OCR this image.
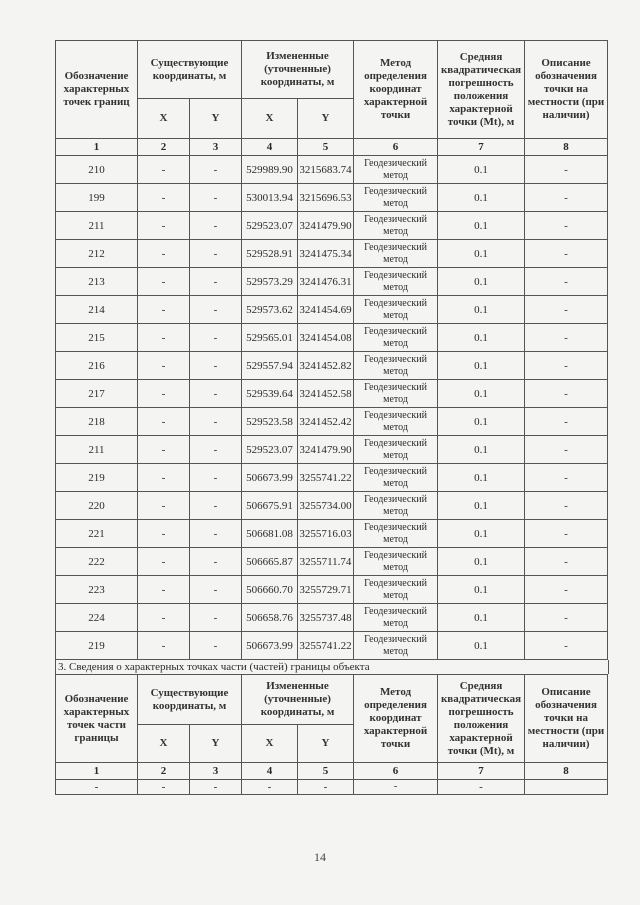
Обозначение характерных точек границ	Существующие координаты, м		Измененные (уточненные) координаты, м		Метод определения координат характерной точки	Средняя квадратическая погрешность положения характерной точки (Mt), м	Описание обозначения точки на местности (при наличии)
	X	Y	X	Y			
1	2	3	4	5	6	7	8
210	-	-	529989.90	3215683.74	Геодезический метод	0.1	-
199	-	-	530013.94	3215696.53	Геодезический метод	0.1	-
211	-	-	529523.07	3241479.90	Геодезический метод	0.1	-
212	-	-	529528.91	3241475.34	Геодезический метод	0.1	-
213	-	-	529573.29	3241476.31	Геодезический метод	0.1	-
214	-	-	529573.62	3241454.69	Геодезический метод	0.1	-
215	-	-	529565.01	3241454.08	Геодезический метод	0.1	-
216	-	-	529557.94	3241452.82	Геодезический метод	0.1	-
217	-	-	529539.64	3241452.58	Геодезический метод	0.1	-
218	-	-	529523.58	3241452.42	Геодезический метод	0.1	-
211	-	-	529523.07	3241479.90	Геодезический метод	0.1	-
219	-	-	506673.99	3255741.22	Геодезический метод	0.1	-
220	-	-	506675.91	3255734.00	Геодезический метод	0.1	-
221	-	-	506681.08	3255716.03	Геодезический метод	0.1	-
222	-	-	506665.87	3255711.74	Геодезический метод	0.1	-
223	-	-	506660.70	3255729.71	Геодезический метод	0.1	-
224	-	-	506658.76	3255737.48	Геодезический метод	0.1	-
219	-	-	506673.99	3255741.22	Геодезический метод	0.1	-
3. Сведения о характерных точках части (частей) границы объекта
Обозначение характерных точек части границы	Существующие координаты, м		Измененные (уточненные) координаты, м		Метод определения координат характерной точки	Средняя квадратическая погрешность положения характерной точки (Mt), м	Описание обозначения точки на местности (при наличии)
	X	Y	X	Y			
1	2	3	4	5	6	7	8
-	-	-	-	-	-	-	
14
